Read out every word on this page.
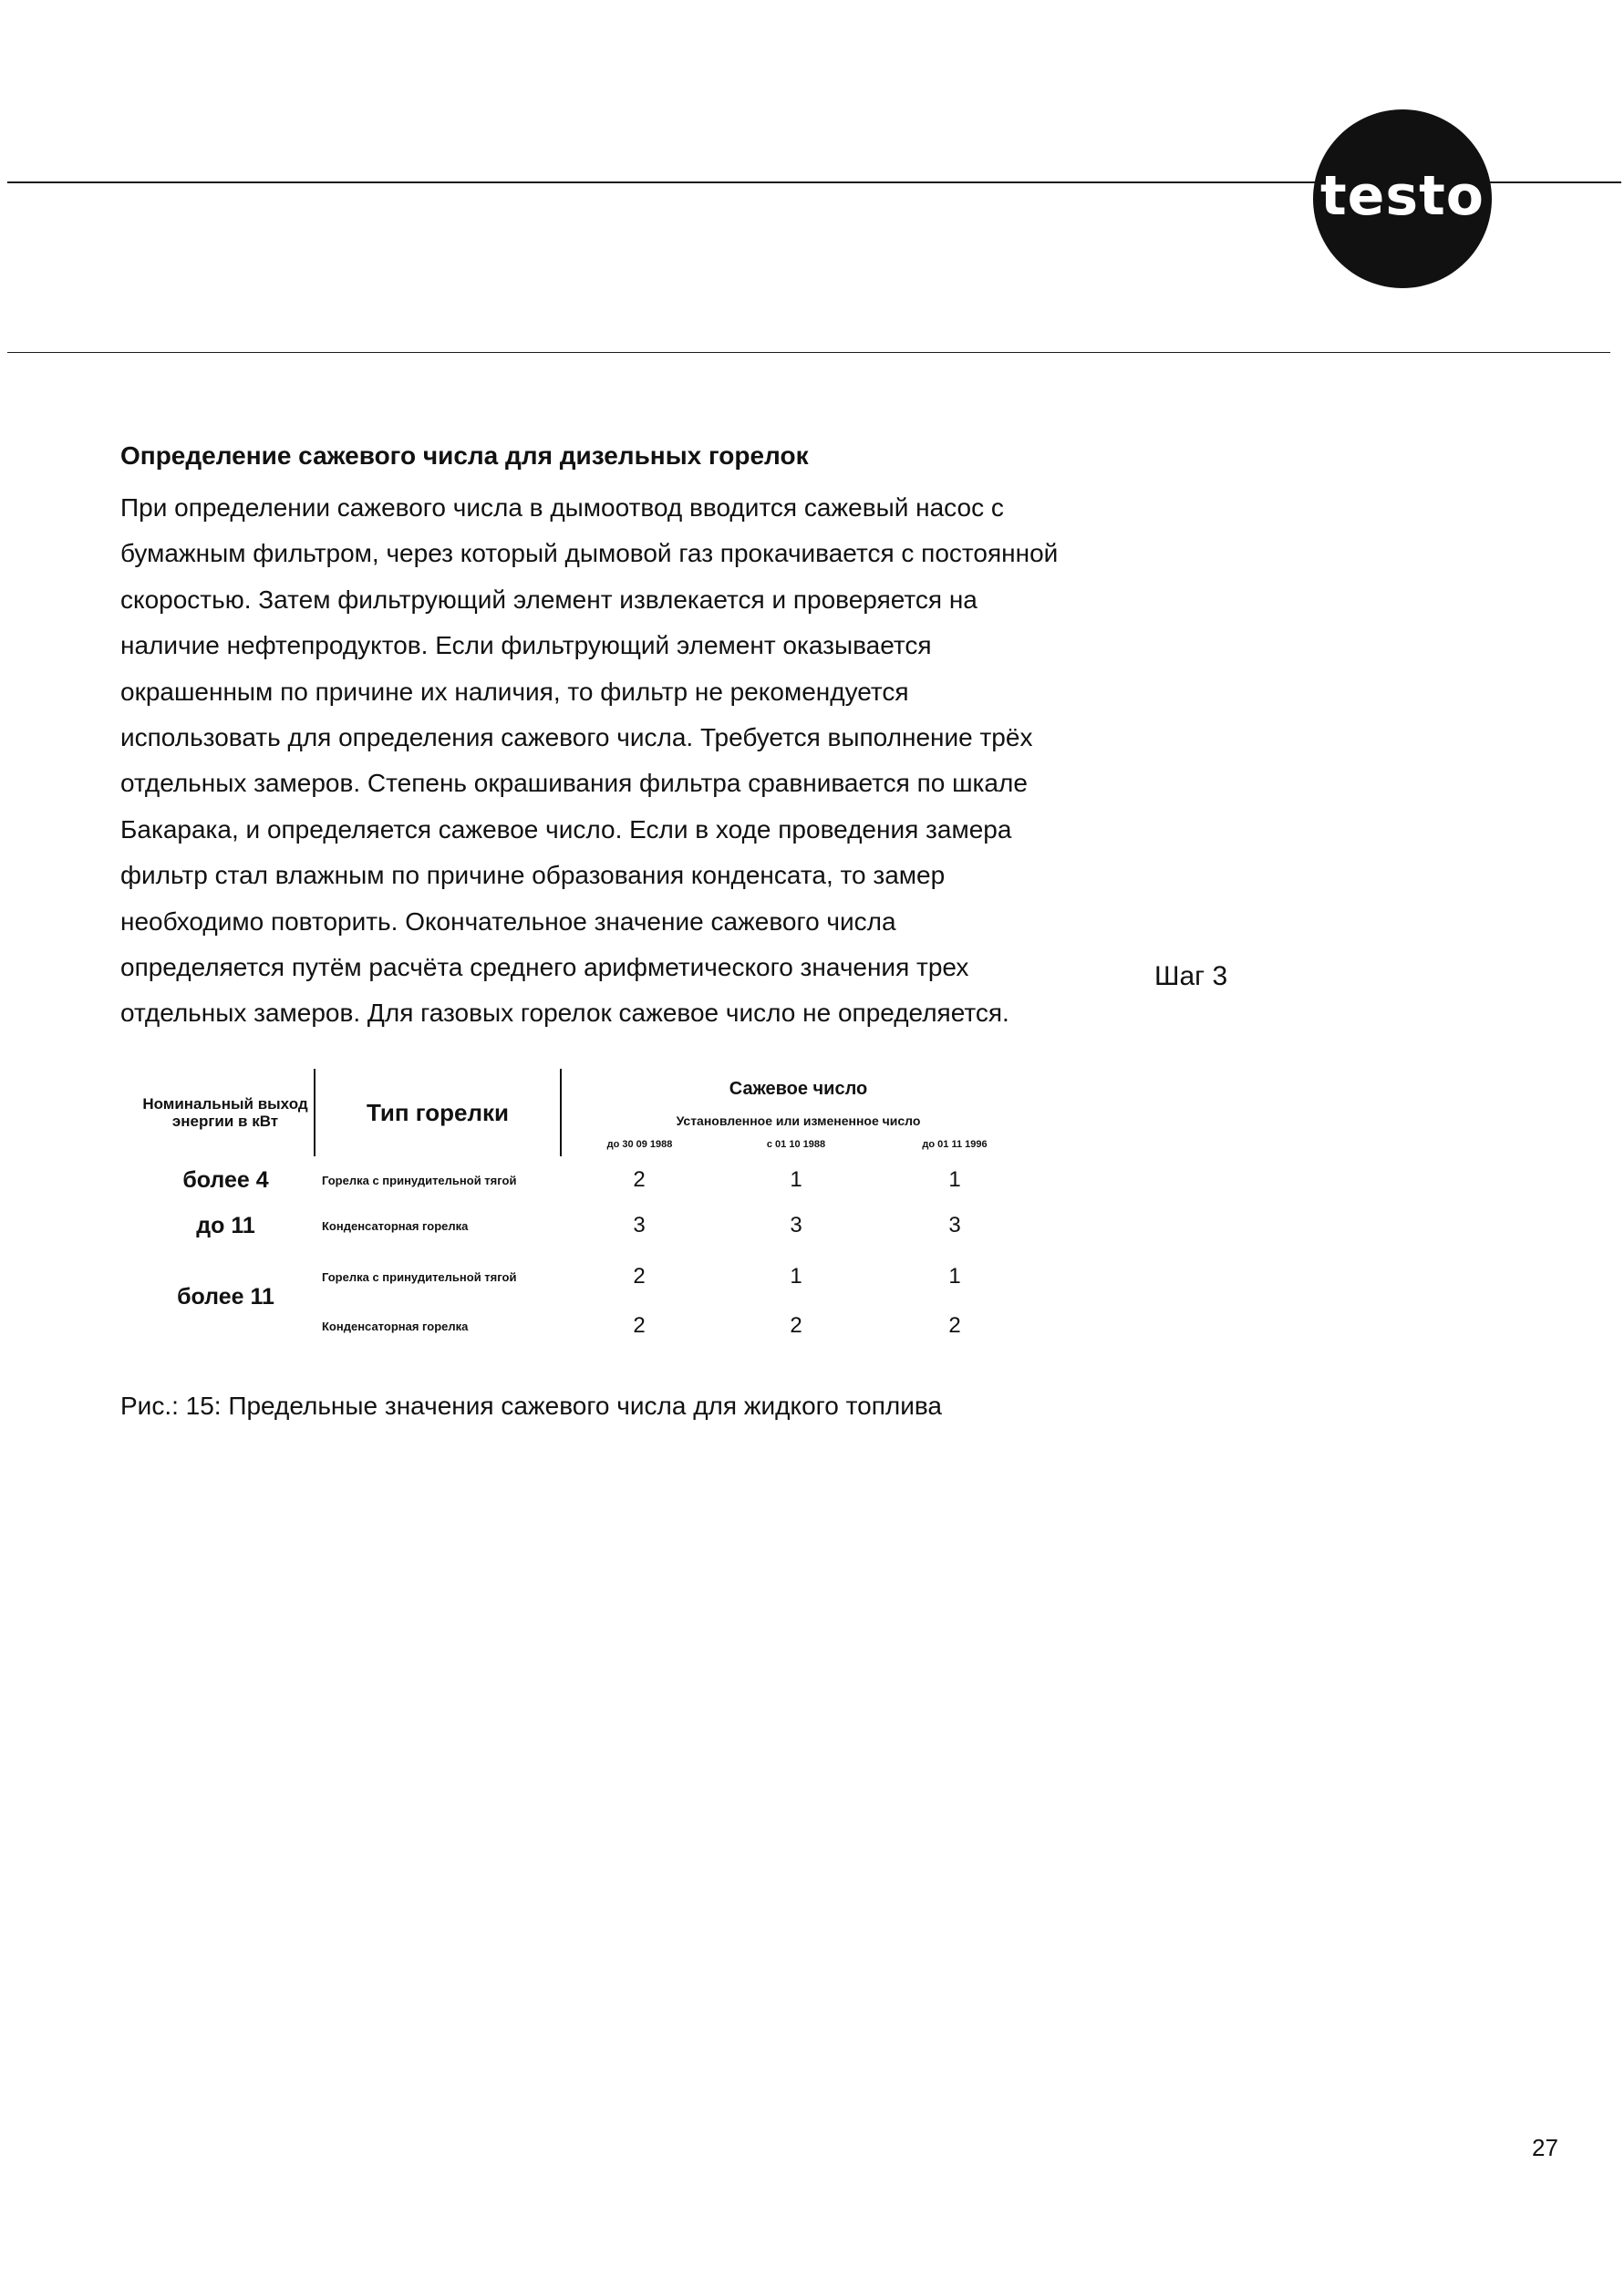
testo
Определение сажевого числа для дизельных горелок

При определении сажевого числа в дымоотвод вводится сажевый насос с бумажным фильтром, через который дымовой газ прокачивается с постоянной скоростью. Затем фильтрующий элемент извлекается и проверяется на наличие нефтепродуктов. Если фильтрующий элемент оказывается окрашенным по причине их наличия, то фильтр не рекомендуется использовать для определения сажевого числа. Требуется выполнение трёх отдельных замеров. Степень окрашивания фильтра сравнивается по шкале Бакарака, и определяется сажевое число. Если в ходе проведения замера фильтр стал влажным по причине образования конденсата, то замер необходимо повторить. Окончательное значение сажевого числа определяется путём расчёта среднего арифметического значения трех отдельных замеров. Для газовых горелок сажевое число не определяется.

Шаг 3
Номинальный выход энергии в кВт	Тип горелки	Сажевое число		
		Установленное или измененное число		
		до 30 09 1988	с 01 10 1988	до 01 11 1996
более 4	Горелка с принудительной тягой	2	1	1
до 11	Конденсаторная горелка	3	3	3
более 11	Горелка с принудительной тягой	2	1	1
	Конденсаторная горелка	2	2	2

Рис.: 15: Предельные значения сажевого числа для жидкого топлива

27
